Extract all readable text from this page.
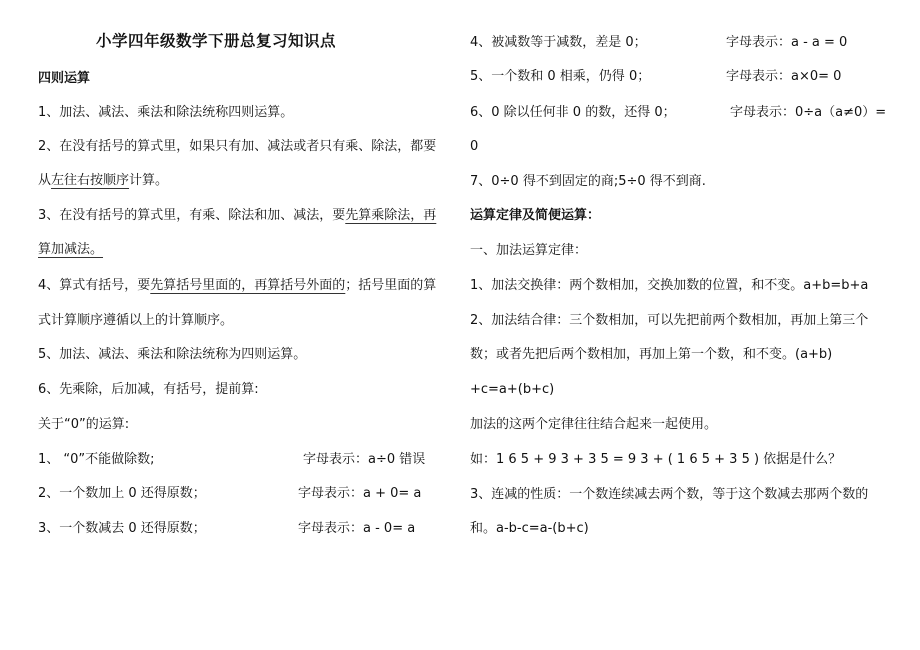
小学四年级数学下册总复习知识点
四则运算
1、加法、减法、乘法和除法统称四则运算。
2、在没有括号的算式里，如果只有加、减法或者只有乘、除法，都要
从左往右按顺序计算。
3、在没有括号的算式里，有乘、除法和加、减法，要先算乘除法，再
算加减法。
4、算式有括号，要先算括号里面的，再算括号外面的；括号里面的算
式计算顺序遵循以上的计算顺序。
5、加法、减法、乘法和除法统称为四则运算。
6、先乘除，后加减，有括号，提前算:
关于“0”的运算:
1、 “0”不能做除数;	字母表示：a÷0 错误
2、一个数加上 0 还得原数；	字母表示：a + 0= a
3、一个数减去 0 还得原数；	字母表示：a - 0= a
4、被减数等于减数，差是 0；	字母表示：a - a = 0
5、一个数和 0 相乘，仍得 0；	字母表示：a×0= 0
6、0 除以任何非 0 的数，还得 0；	字母表示：0÷a（a≠0）=
0
7、0÷0 得不到固定的商;5÷0 得不到商.
运算定律及简便运算：
一、加法运算定律：
1、加法交换律：两个数相加，交换加数的位置，和不变。a+b=b+a
2、加法结合律：三个数相加，可以先把前两个数相加，再加上第三个
数；或者先把后两个数相加，再加上第一个数，和不变。(a+b)
+c=a+(b+c)
加法的这两个定律往往结合起来一起使用。
如：1 6 5 + 9 3 + 3 5 = 9 3 + ( 1 6 5 + 3 5 ) 依据是什么？
3、连减的性质：一个数连续减去两个数，等于这个数减去那两个数的
和。a-b-c=a-(b+c)
